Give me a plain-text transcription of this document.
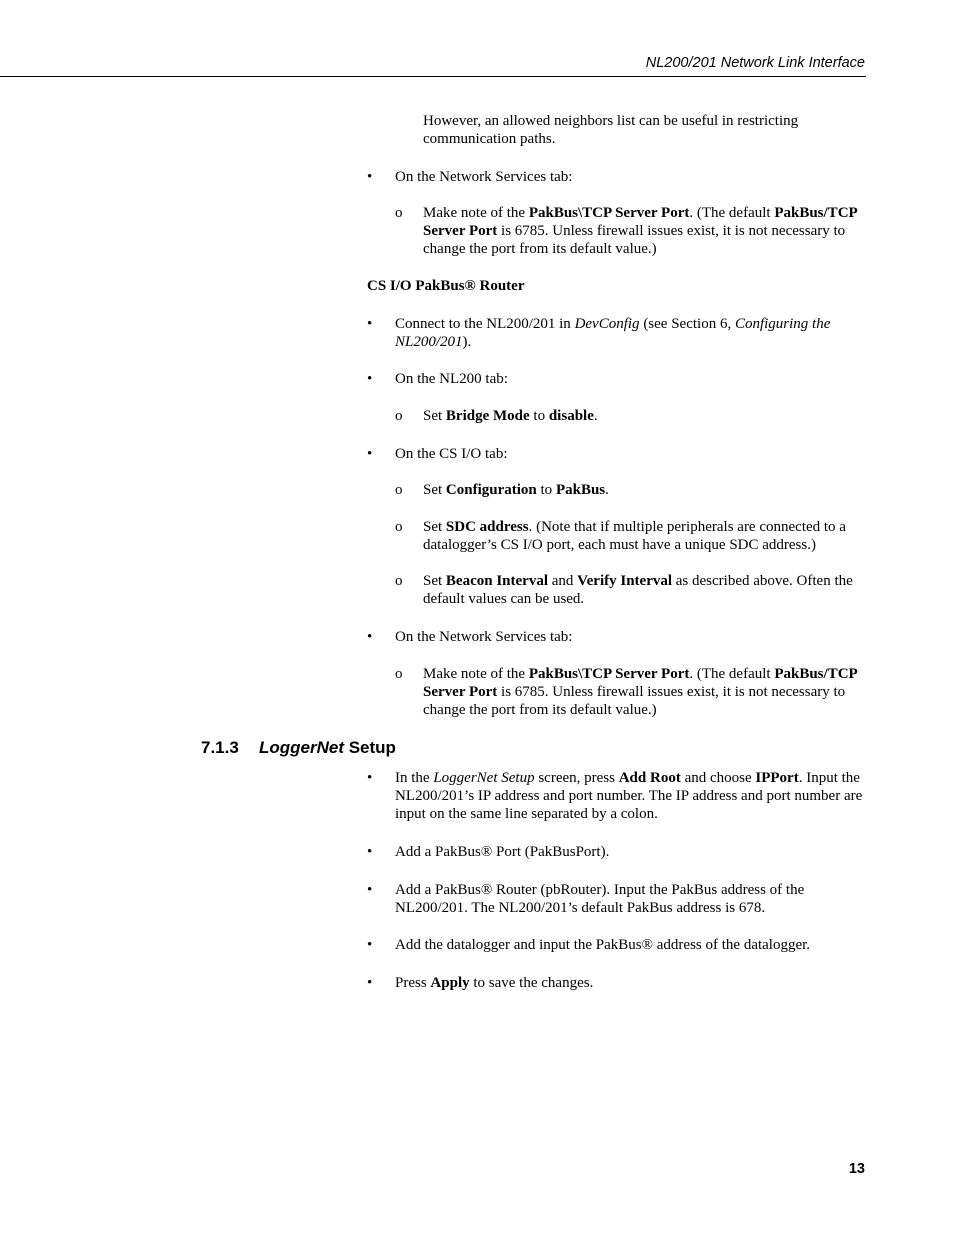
NL200/201 Network Link Interface
However, an allowed neighbors list can be useful in restricting communication paths.
•	On the Network Services tab:
o Make note of the PakBus\TCP Server Port. (The default PakBus/TCP Server Port is 6785. Unless firewall issues exist, it is not necessary to change the port from its default value.)
CS I/O PakBus® Router
•	Connect to the NL200/201 in DevConfig (see Section 6, Configuring the NL200/201).
•	On the NL200 tab:
o Set Bridge Mode to disable.
•	On the CS I/O tab:
o Set Configuration to PakBus.
o Set SDC address. (Note that if multiple peripherals are connected to a datalogger’s CS I/O port, each must have a unique SDC address.)
o Set Beacon Interval and Verify Interval as described above. Often the default values can be used.
•	On the Network Services tab:
o Make note of the PakBus\TCP Server Port. (The default PakBus/TCP Server Port is 6785. Unless firewall issues exist, it is not necessary to change the port from its default value.)
7.1.3 LoggerNet Setup
•	In the LoggerNet Setup screen, press Add Root and choose IPPort. Input the NL200/201’s IP address and port number. The IP address and port number are input on the same line separated by a colon.
•	Add a PakBus® Port (PakBusPort).
•	Add a PakBus® Router (pbRouter). Input the PakBus address of the NL200/201. The NL200/201’s default PakBus address is 678.
•	Add the datalogger and input the PakBus® address of the datalogger.
•	Press Apply to save the changes.
13
